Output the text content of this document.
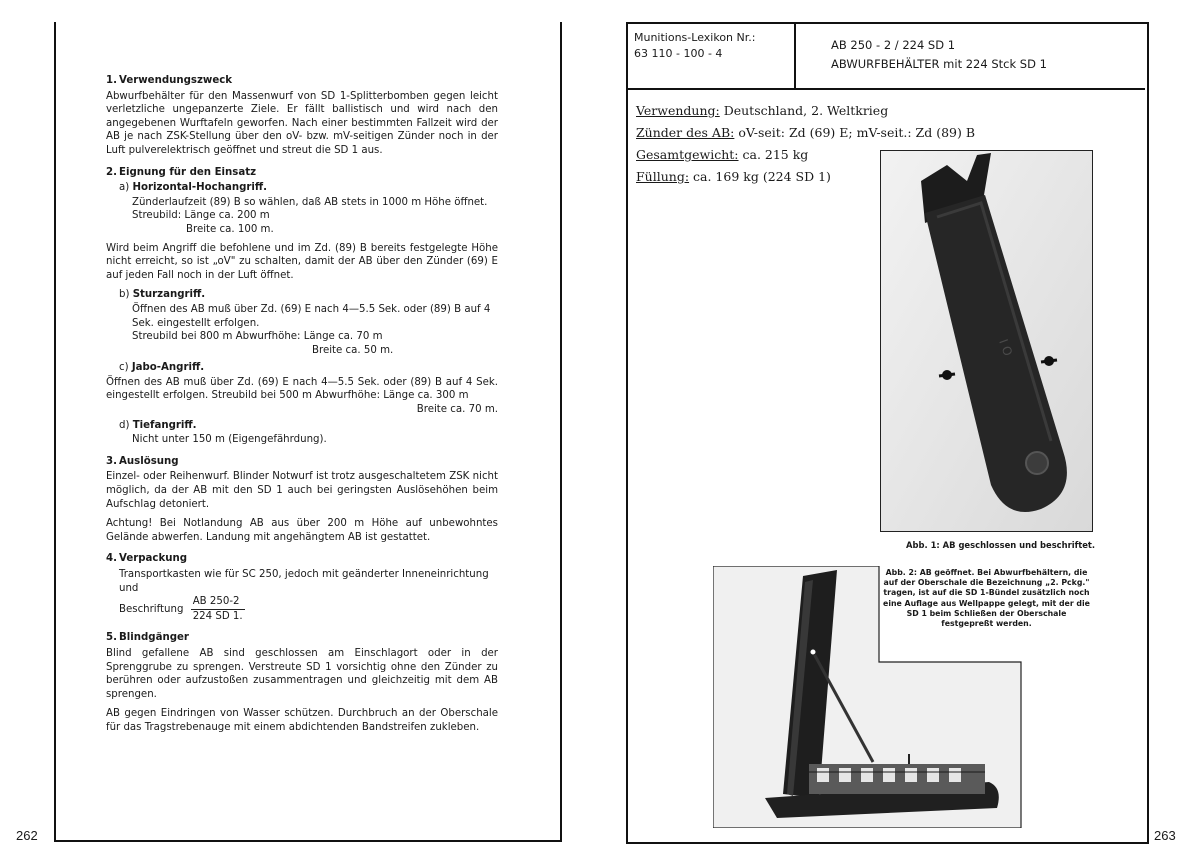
262	263
1. Verwendungszweck
Abwurfbehälter für den Massenwurf von SD 1-Splitterbomben gegen leicht verletzliche ungepanzerte Ziele. Er fällt ballistisch und wird nach den angegebenen Wurftafeln geworfen. Nach einer bestimmten Fallzeit wird der AB je nach ZSK-Stellung über den oV- bzw. mV-seitigen Zünder noch in der Luft pulverelektrisch geöffnet und streut die SD 1 aus.
2. Eignung für den Einsatz
a) Horizontal-Hochangriff.
Zünderlaufzeit (89) B so wählen, daß AB stets in 1000 m Höhe öffnet.
Streubild: Länge ca. 200 m
Breite ca. 100 m.
Wird beim Angriff die befohlene und im Zd. (89) B bereits festgelegte Höhe nicht erreicht, so ist „oV" zu schalten, damit der AB über den Zünder (69) E auf jeden Fall noch in der Luft öffnet.
b) Sturzangriff.
Öffnen des AB muß über Zd. (69) E nach 4—5.5 Sek. oder (89) B auf 4 Sek. eingestellt erfolgen.
Streubild bei 800 m Abwurfhöhe: Länge ca. 70 m
Breite ca. 50 m.
c) Jabo-Angriff.
Öffnen des AB muß über Zd. (69) E nach 4—5.5 Sek. oder (89) B auf 4 Sek. eingestellt erfolgen. Streubild bei 500 m Abwurfhöhe: Länge ca. 300 m
Breite ca. 70 m.
d) Tiefangriff.
Nicht unter 150 m (Eigengefährdung).
3. Auslösung
Einzel- oder Reihenwurf. Blinder Notwurf ist trotz ausgeschaltetem ZSK nicht möglich, da der AB mit den SD 1 auch bei geringsten Auslösehöhen beim Aufschlag detoniert.
Achtung! Bei Notlandung AB aus über 200 m Höhe auf unbewohntes Gelände abwerfen. Landung mit angehängtem AB ist gestattet.
4. Verpackung
Transportkasten wie für SC 250, jedoch mit geänderter Inneneinrichtung und
Beschriftung $\frac{AB 250-2}{224 SD 1.}$
5. Blindgänger
Blind gefallene AB sind geschlossen am Einschlagort oder in der Sprenggrube zu sprengen. Verstreute SD 1 vorsichtig ohne den Zünder zu berühren oder aufzustoßen zusammentragen und gleichzeitig mit dem AB sprengen.
AB gegen Eindringen von Wasser schützen. Durchbruch an der Oberschale für das Tragstrebenauge mit einem abdichtenden Bandstreifen zukleben.
Munitions-Lexikon Nr.:
63 110 - 100 - 4
AB 250 - 2 / 224 SD 1
ABWURFBEHÄLTER mit 224 Stck SD 1
Verwendung: Deutschland, 2. Weltkrieg
Zünder des AB: oV-seit: Zd (69) E; mV-seit.: Zd (89) B
Gesamtgewicht: ca. 215 kg
Füllung: ca. 169 kg (224 SD 1)
I O
Abb. 1: AB geschlossen und beschriftet.
Abb. 2: AB geöffnet. Bei Abwurfbehältern, die auf der Oberschale die Bezeichnung „2. Pckg." tragen, ist auf die SD 1-Bündel zusätzlich noch eine Auflage aus Wellpappe gelegt, mit der die SD 1 beim Schließen der Oberschale festgepreßt werden.
